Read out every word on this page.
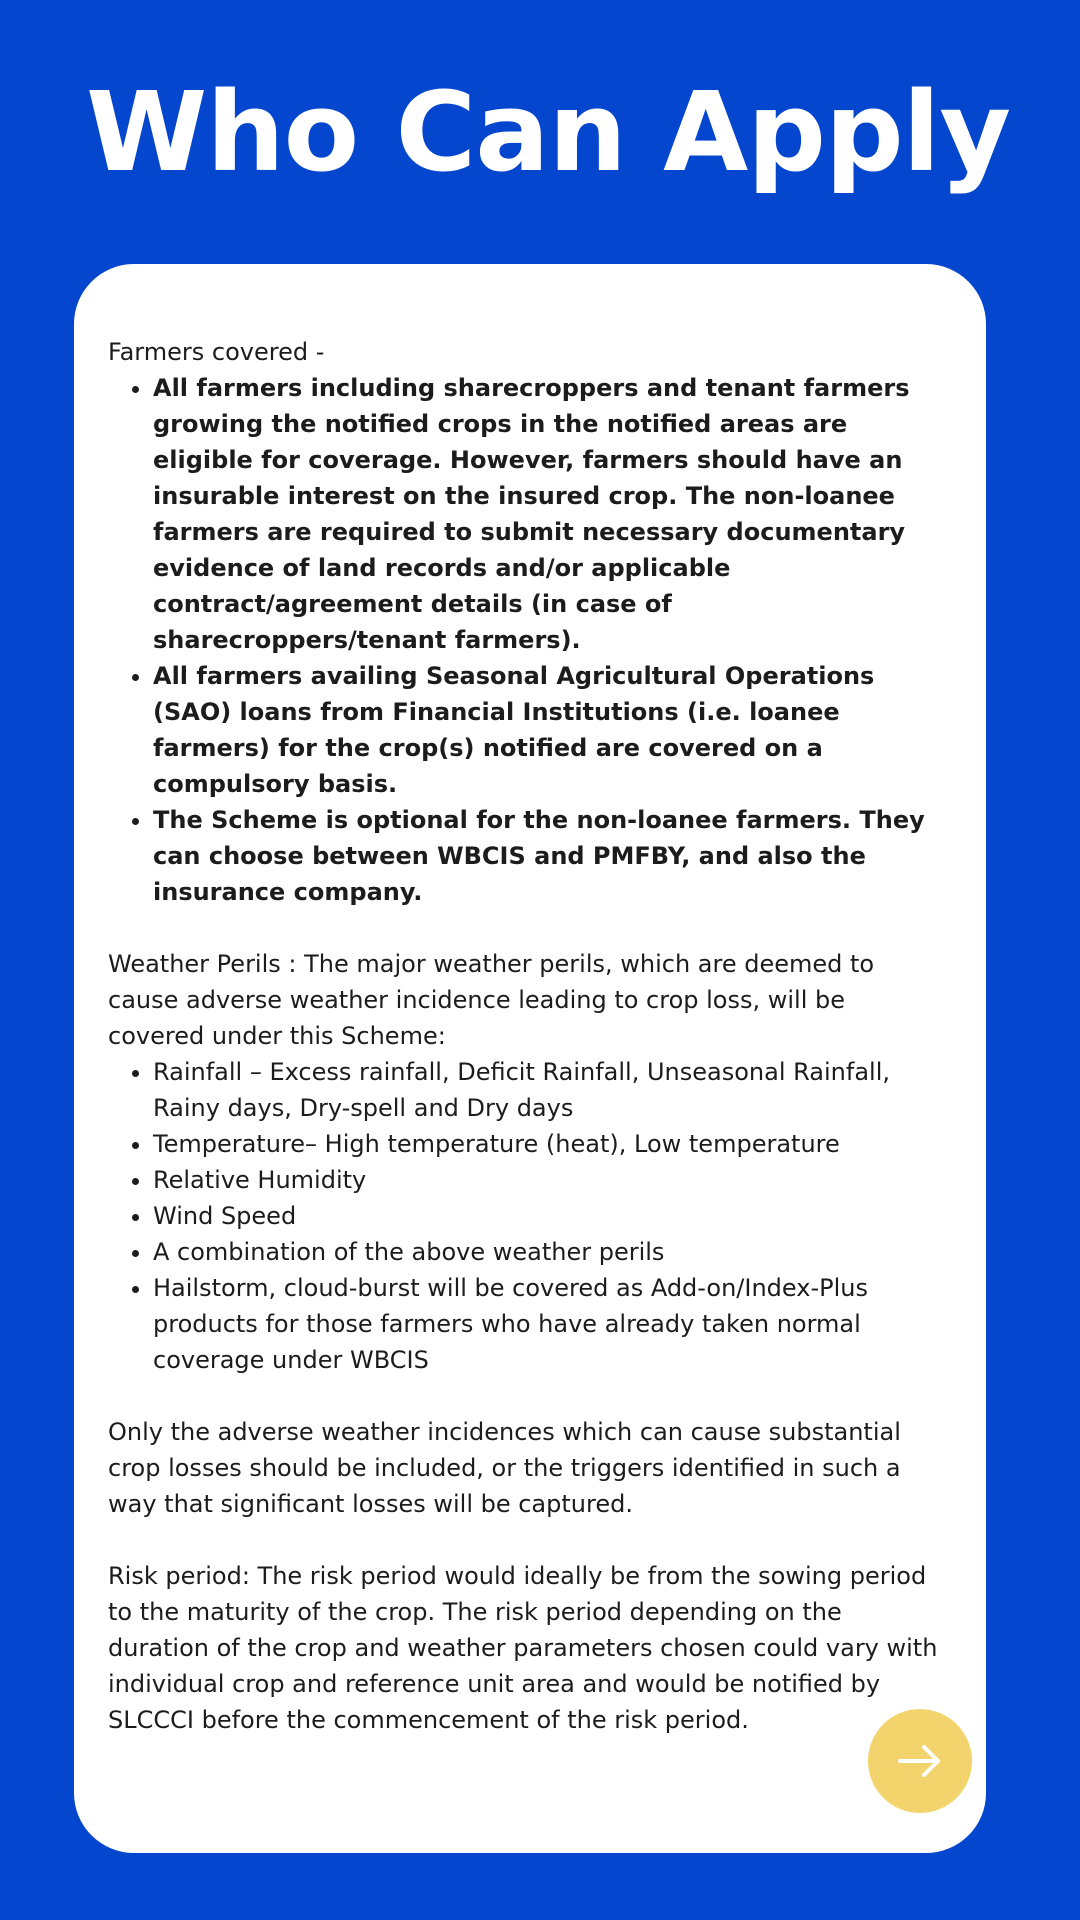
Who Can Apply

Farmers covered -

• All farmers including sharecroppers and tenant farmers growing the notified crops in the notified areas are eligible for coverage. However, farmers should have an insurable interest on the insured crop. The non-loanee farmers are required to submit necessary documentary evidence of land records and/or applicable contract/agreement details (in case of sharecroppers/tenant farmers).
• All farmers availing Seasonal Agricultural Operations (SAO) loans from Financial Institutions (i.e. loanee farmers) for the crop(s) notified are covered on a compulsory basis.
• The Scheme is optional for the non-loanee farmers. They can choose between WBCIS and PMFBY, and also the insurance company.

Weather Perils : The major weather perils, which are deemed to cause adverse weather incidence leading to crop loss, will be covered under this Scheme:

• Rainfall – Excess rainfall, Deficit Rainfall, Unseasonal Rainfall, Rainy days, Dry-spell and Dry days
• Temperature– High temperature (heat), Low temperature
• Relative Humidity
• Wind Speed
• A combination of the above weather perils
• Hailstorm, cloud-burst will be covered as Add-on/Index-Plus products for those farmers who have already taken normal coverage under WBCIS

Only the adverse weather incidences which can cause substantial crop losses should be included, or the triggers identified in such a way that significant losses will be captured.

Risk period: The risk period would ideally be from the sowing period to the maturity of the crop. The risk period depending on the duration of the crop and weather parameters chosen could vary with individual crop and reference unit area and would be notified by SLCCCI before the commencement of the risk period.
